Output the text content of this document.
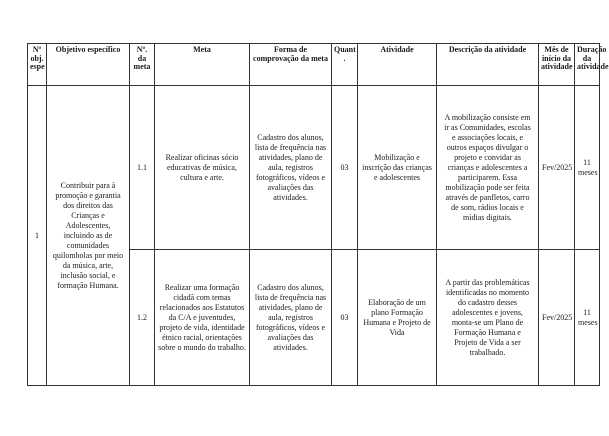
Nº obj. espe	Objetivo específico	Nº. da meta	Meta	Forma de comprovação da meta	Quant .	Atividade	Descrição da atividade	Mês de início da atividade	Duração da atividade
1	Contribuir para à promoção e garantia dos direitos das Crianças e Adolescentes, incluindo as de comunidades quilombolas por meio da música, arte, inclusão social, e formação Humana.	1.1	Realizar oficinas sócio educativas de música, cultura e arte.	Cadastro dos alunos, lista de frequência nas atividades, plano de aula, registros fotográficos, vídeos e avaliações das atividades.	03	Mobilização e inscrição das crianças e adolescentes	A mobilização consiste em ir as Comunidades, escolas e associações locais, e outros espaços divulgar o projeto e convidar as crianças e adolescentes a participarem. Essa mobilização pode ser feita através de panfletos, carro de som, rádios locais e mídias digitais.	Fev/2025	11 meses
		1.2	Realizar uma formação cidadã com temas relacionados aos Estatutos da C/A e juventudes, projeto de vida, identidade étnico racial, orientações sobre o mundo do trabalho.	Cadastro dos alunos, lista de frequência nas atividades, plano de aula, registros fotográficos, vídeos e avaliações das atividades.	03	Elaboração de um plano Formação Humana e Projeto de Vida	A partir das problemáticas identificadas no momento do cadastro desses adolescentes e jovens, monta-se um Plano de Formação Humana e Projeto de Vida a ser trabalhado.	Fev/2025	11 meses
